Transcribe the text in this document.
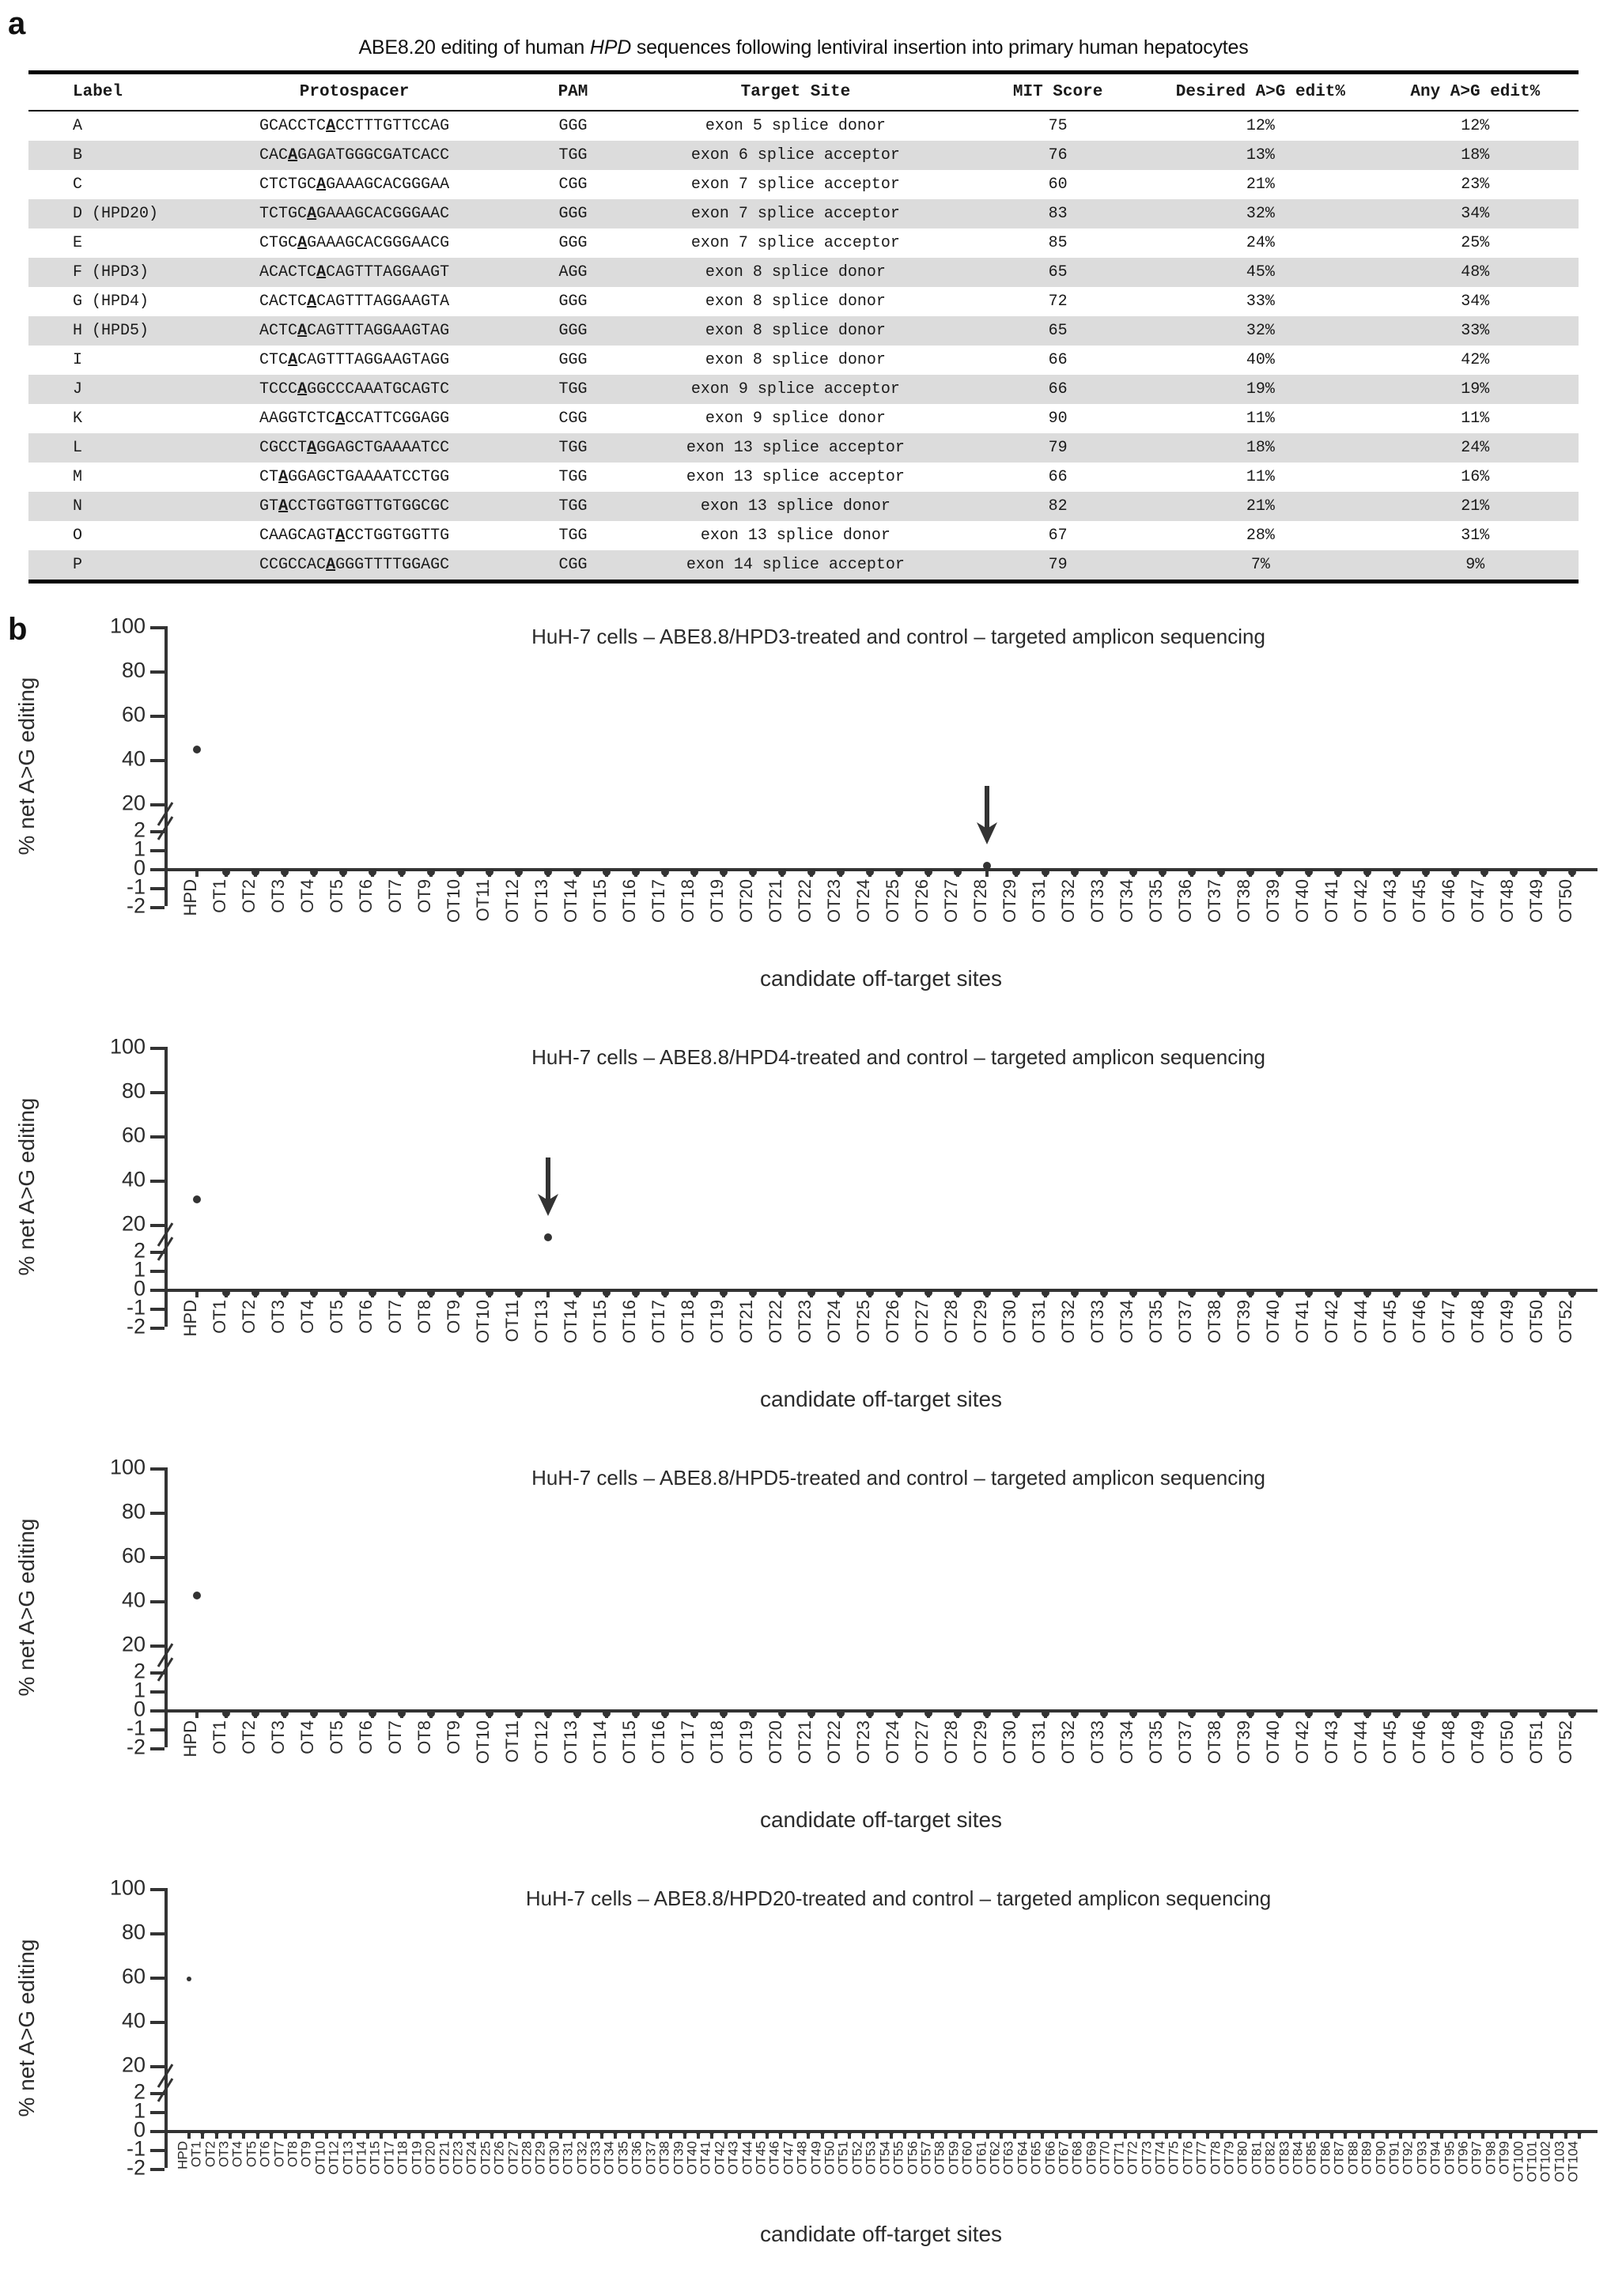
a
ABE8.20 editing of human HPD sequences following lentiviral insertion into primary human hepatocytes
Label	Protospacer	PAM	Target Site	MIT Score	Desired A>G edit%	Any A>G edit%
A	GCACCTCACCTTTGTTCCAG	GGG	exon 5 splice donor	75	12%	12%
B	CACAGAGATGGGCGATCACC	TGG	exon 6 splice acceptor	76	13%	18%
C	CTCTGCAGAAAGCACGGGAA	CGG	exon 7 splice acceptor	60	21%	23%
D (HPD20)	TCTGCAGAAAGCACGGGAAC	GGG	exon 7 splice acceptor	83	32%	34%
E	CTGCAGAAAGCACGGGAACG	GGG	exon 7 splice acceptor	85	24%	25%
F (HPD3)	ACACTCACAGTTTAGGAAGT	AGG	exon 8 splice donor	65	45%	48%
G (HPD4)	CACTCACAGTTTAGGAAGTA	GGG	exon 8 splice donor	72	33%	34%
H (HPD5)	ACTCACAGTTTAGGAAGTAG	GGG	exon 8 splice donor	65	32%	33%
I	CTCACAGTTTAGGAAGTAGG	GGG	exon 8 splice donor	66	40%	42%
J	TCCCAGGCCCAAATGCAGTC	TGG	exon 9 splice acceptor	66	19%	19%
K	AAGGTCTCACCATTCGGAGG	CGG	exon 9 splice donor	90	11%	11%
L	CGCCTAGGAGCTGAAAATCC	TGG	exon 13 splice acceptor	79	18%	24%
M	CTAGGAGCTGAAAATCCTGG	TGG	exon 13 splice acceptor	66	11%	16%
N	GTACCTGGTGGTTGTGGCGC	TGG	exon 13 splice donor	82	21%	21%
O	CAAGCAGTACCTGGTGGTTG	TGG	exon 13 splice donor	67	28%	31%
P	CCGCCACAGGGTTTTGGAGC	CGG	exon 14 splice acceptor	79	7%	9%
b	HuH-7 cells – ABE8.8/HPD3-treated and control – targeted amplicon sequencing
% net A>G editing
100
80
60
40
20
2
1
0
-1
-2 HPD OT1 OT2 OT3 OT4 OT5 OT6 OT7 OT9 OT10 OT11 OT12 OT13 OT14 OT15 OT16 OT17 OT18 OT19 OT20 OT21 OT22 OT23 OT24 OT25 OT26 OT27 OT28 OT29 OT31 OT32 OT33 OT34 OT35 OT36 OT37 OT38 OT39 OT40 OT41 OT42 OT43 OT45 OT46 OT47 OT48 OT49 OT50
candidate off-target sites
HuH-7 cells – ABE8.8/HPD4-treated and control – targeted amplicon sequencing
% net A>G editing
100
80
60
40
20
2
1
0
-1
-2 HPD OT1 OT2 OT3 OT4 OT5 OT6 OT7 OT8 OT9 OT10 OT11 OT13 OT14 OT15 OT16 OT17 OT18 OT19 OT21 OT22 OT23 OT24 OT25 OT26 OT27 OT28 OT29 OT30 OT31 OT32 OT33 OT34 OT35 OT37 OT38 OT39 OT40 OT41 OT42 OT44 OT45 OT46 OT47 OT48 OT49 OT50 OT52
candidate off-target sites
HuH-7 cells – ABE8.8/HPD5-treated and control – targeted amplicon sequencing
% net A>G editing
100
80
60
40
20
2
1
0
-1
-2 HPD OT1 OT2 OT3 OT4 OT5 OT6 OT7 OT8 OT9 OT10 OT11 OT12 OT13 OT14 OT15 OT16 OT17 OT18 OT19 OT20 OT21 OT22 OT23 OT24 OT27 OT28 OT29 OT30 OT31 OT32 OT33 OT34 OT35 OT37 OT38 OT39 OT40 OT42 OT43 OT44 OT45 OT46 OT48 OT49 OT50 OT51 OT52
candidate off-target sites
HuH-7 cells – ABE8.8/HPD20-treated and control – targeted amplicon sequencing
% net A>G editing
100
80
60
40
20
2
1
0
-1
-2 HPD
OT1
OT2
OT3
OT4
OT5
OT6
OT7
OT8
OT9
OT10
OT12
OT13
OT14
OT15
OT17
OT18
OT19
OT20
OT21
OT23
OT24
OT25
OT26
OT27
OT28
OT29
OT30
OT31
OT32
OT33
OT34
OT35
OT36
OT37
OT38
OT39
OT40
OT41
OT42
OT43
OT44
OT45
OT46
OT47
OT48
OT49
OT50
OT51
OT52
OT53
OT54
OT55
OT56
OT57
OT58
OT59
OT60
OT61
OT62
OT63
OT64
OT65
OT66
OT67
OT68
OT69
OT70
OT71
OT72
OT73
OT74
OT75
OT76
OT77
OT78
OT79
OT80
OT81
OT82
OT83
OT84
OT85
OT86
OT87
OT88
OT89
OT90
OT91
OT92
OT93
OT94
OT95
OT96
OT97
OT98
OT99
OT100
OT101
OT102
OT103
OT104
candidate off-target sites
